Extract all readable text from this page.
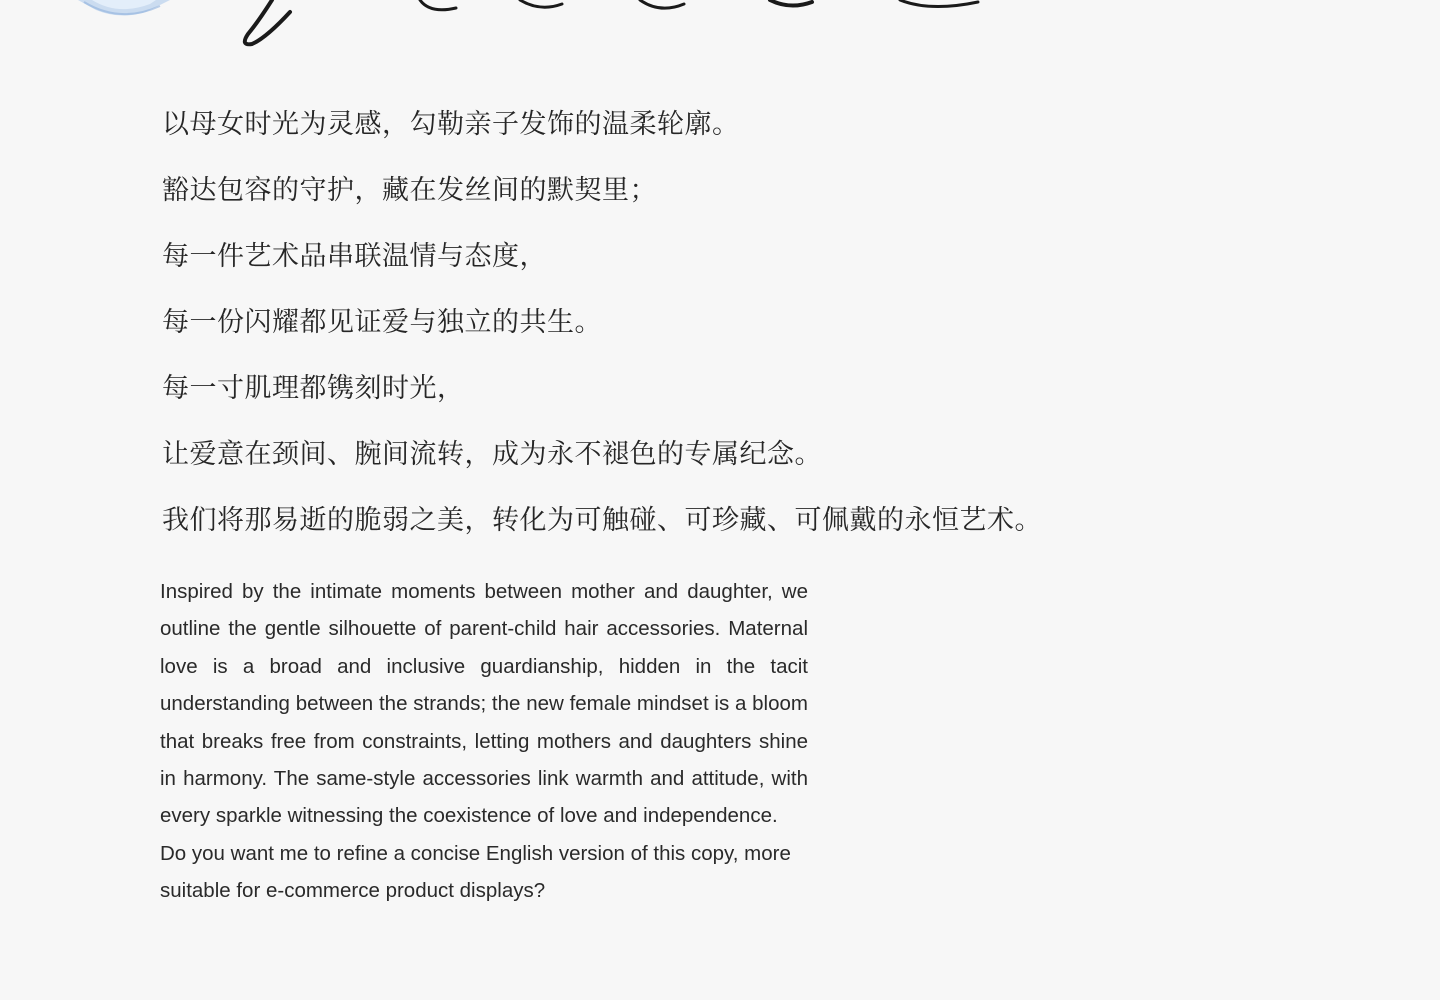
以母女时光为灵感，勾勒亲子发饰的温柔轮廓。
豁达包容的守护，藏在发丝间的默契里；
每一件艺术品串联温情与态度，
每一份闪耀都见证爱与独立的共生。
每一寸肌理都镌刻时光，
让爱意在颈间、腕间流转，成为永不褪色的专属纪念。
我们将那易逝的脆弱之美，转化为可触碰、可珍藏、可佩戴的永恒艺术。

Inspired by the intimate moments between mother and daughter, we outline the gentle silhouette of parent-child hair accessories. Maternal love is a broad and inclusive guardianship, hidden in the tacit understanding between the strands; the new female mindset is a bloom that breaks free from constraints, letting mothers and daughters shine in harmony. The same-style accessories link warmth and attitude, with every sparkle witnessing the coexistence of love and independence.

Do you want me to refine a concise English version of this copy, more suitable for e-commerce product displays?
